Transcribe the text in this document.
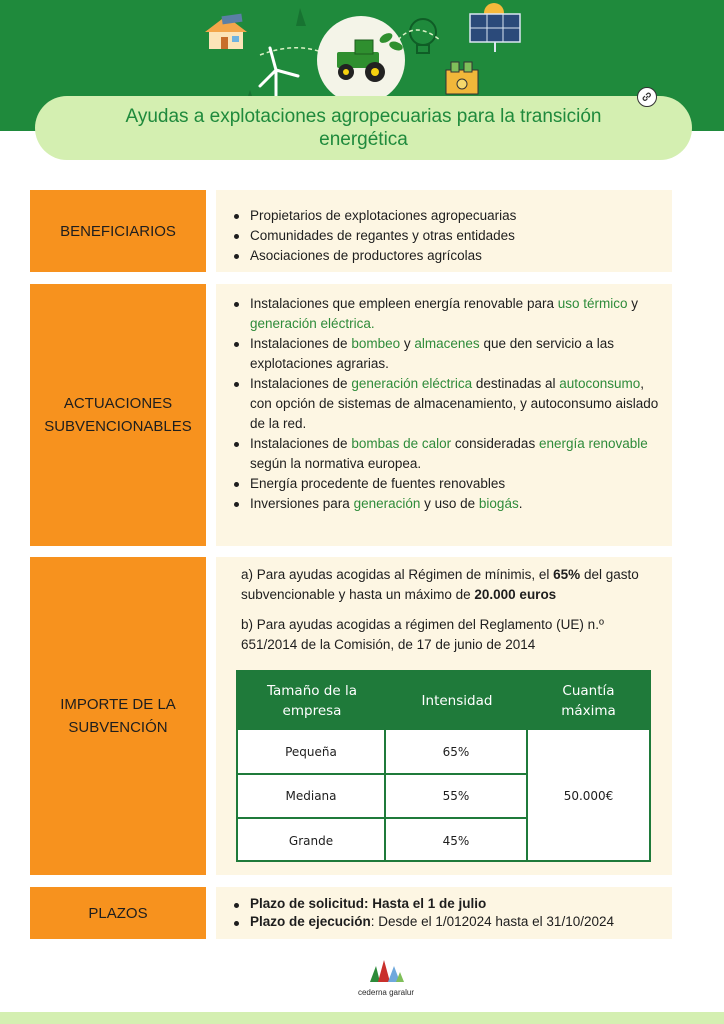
Ayudas a explotaciones agropecuarias para la transición energética
BENEFICIARIOS
Propietarios de explotaciones agropecuarias
Comunidades de regantes y otras entidades
Asociaciones de productores agrícolas
ACTUACIONES SUBVENCIONABLES
Instalaciones que empleen energía renovable para uso térmico y generación eléctrica.
Instalaciones de bombeo y almacenes que den servicio a las explotaciones agrarias.
Instalaciones de generación eléctrica destinadas al autoconsumo, con opción de sistemas de almacenamiento, y autoconsumo aislado de la red.
Instalaciones de bombas de calor consideradas energía renovable según la normativa europea.
Energía procedente de fuentes renovables
Inversiones para generación y uso de biogás.
IMPORTE DE LA SUBVENCIÓN

a) Para ayudas acogidas al Régimen de mínimis, el 65% del gasto subvencionable y hasta un máximo de 20.000 euros

b) Para ayudas acogidas a régimen del Reglamento (UE) n.º 651/2014 de la Comisión, de 17 de junio de 2014

Tamaño de la empresa
Intensidad
Cuantía máxima
Pequeña	65%
Mediana	55%
Grande	45%
50.000€
PLAZOS
Plazo de solicitud: Hasta el 1 de julio
Plazo de ejecución: Desde el 1/012024 hasta el 31/10/2024
cederna garalur
